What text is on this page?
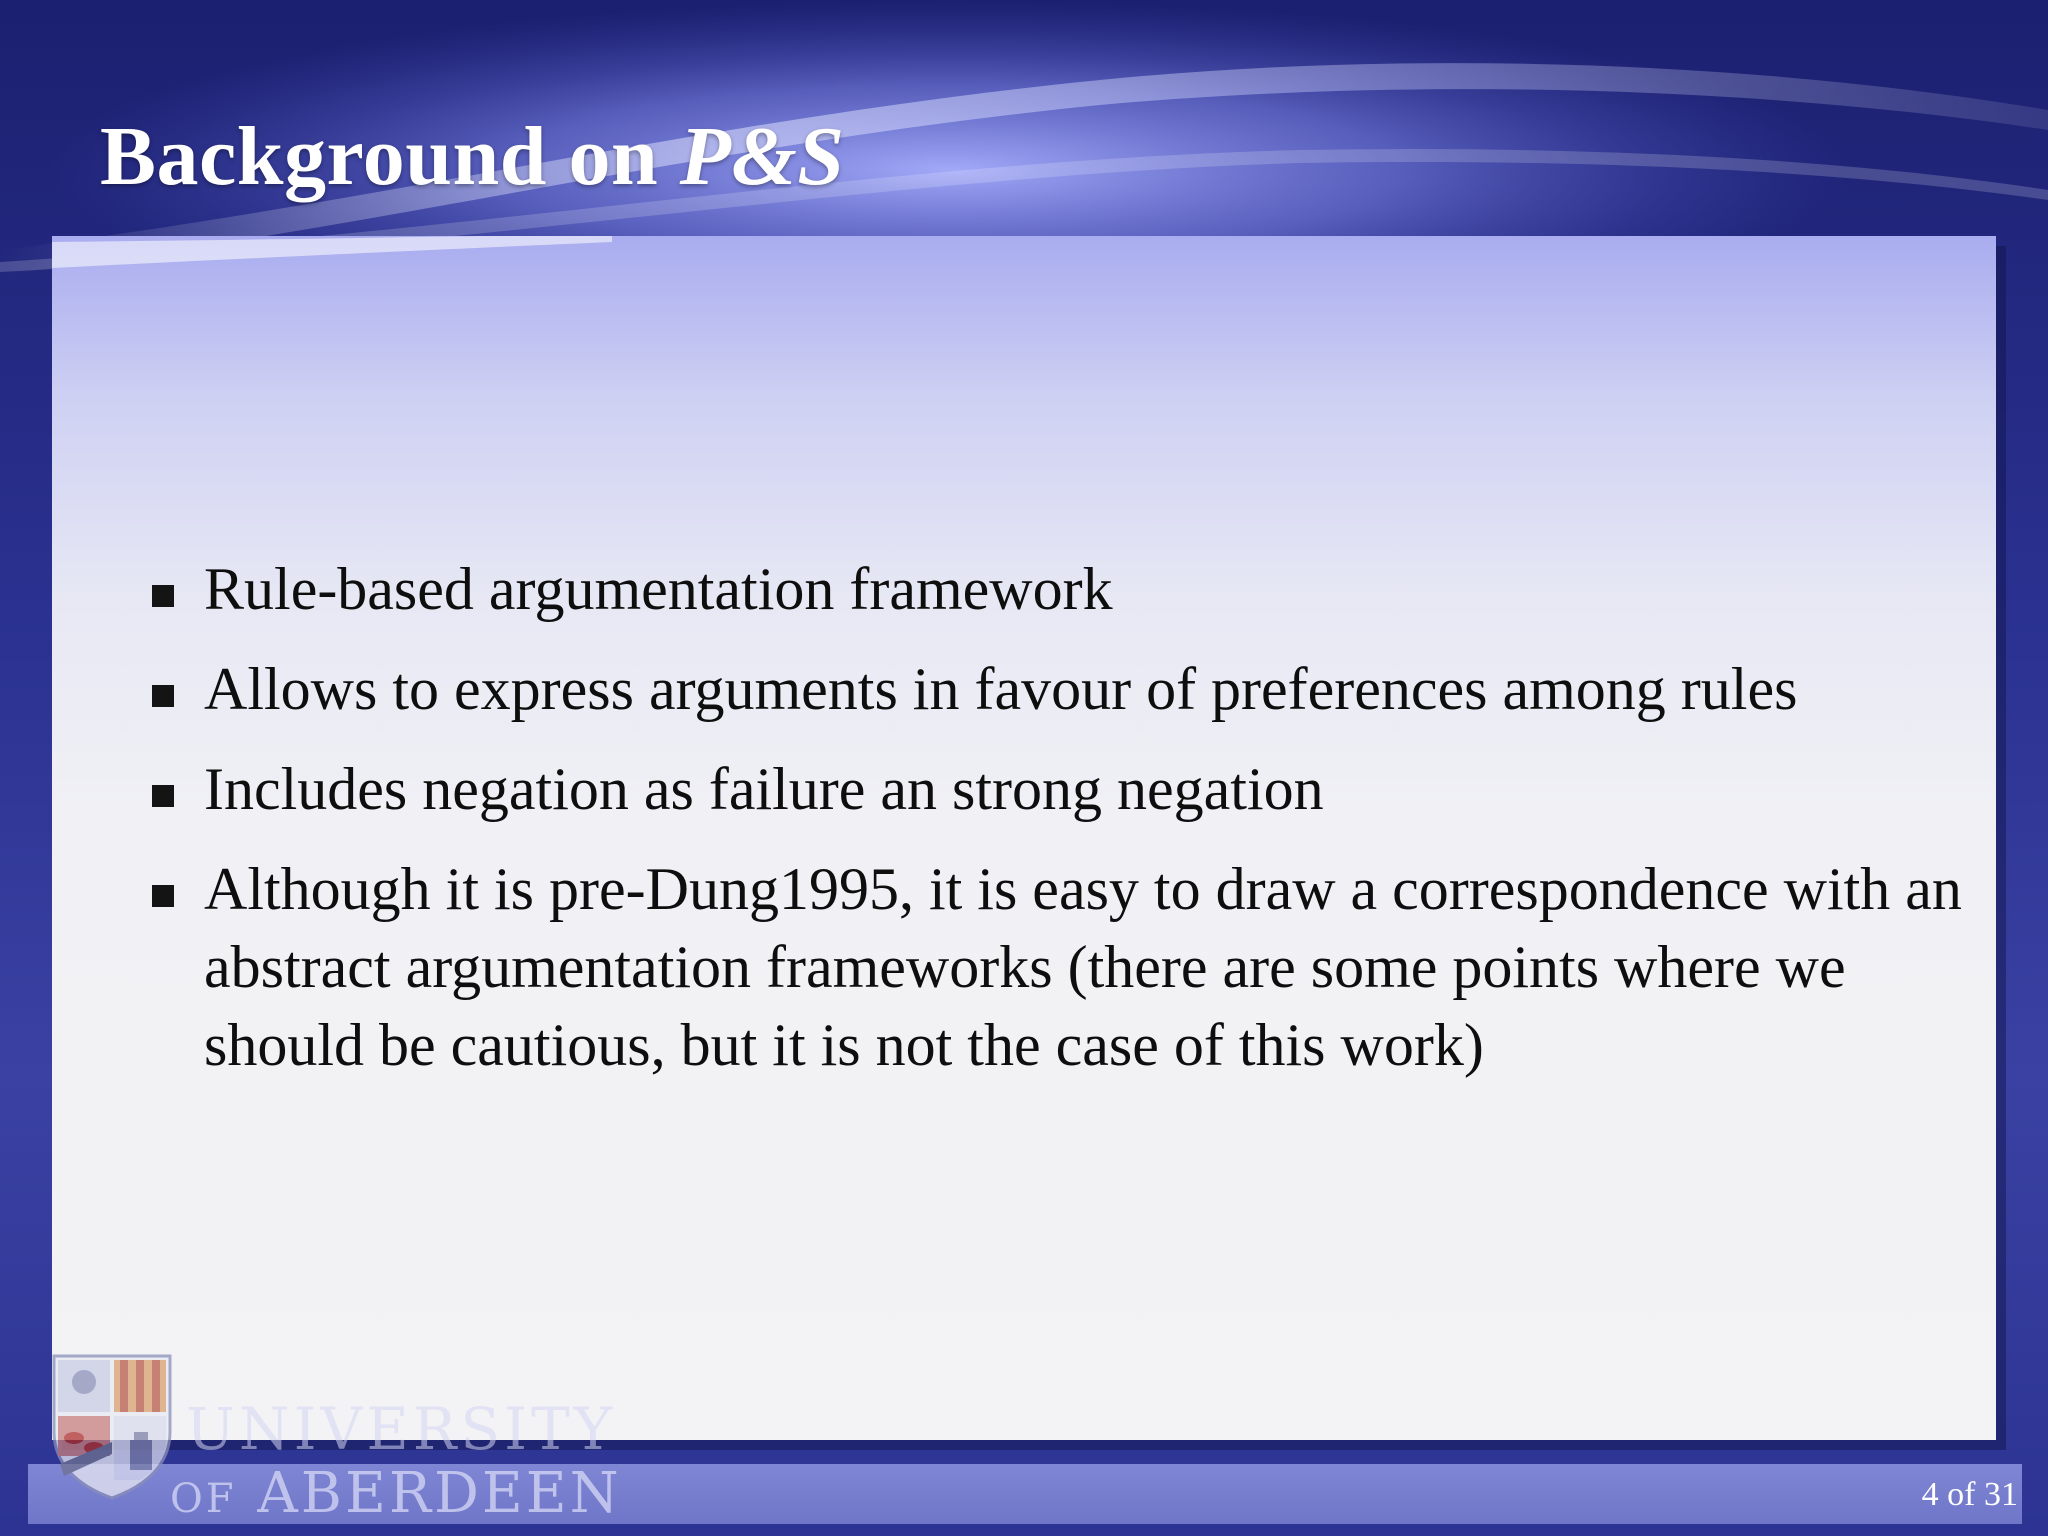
Background on P&S
Rule-based argumentation framework
Allows to express arguments in favour of preferences among rules
Includes negation as failure an strong negation
Although it is pre-Dung1995, it is easy to draw a correspondence with an abstract argumentation frameworks (there are some points where we should be cautious, but it is not the case of this work)
UNIVERSITY
OF ABERDEEN	4 of 31
